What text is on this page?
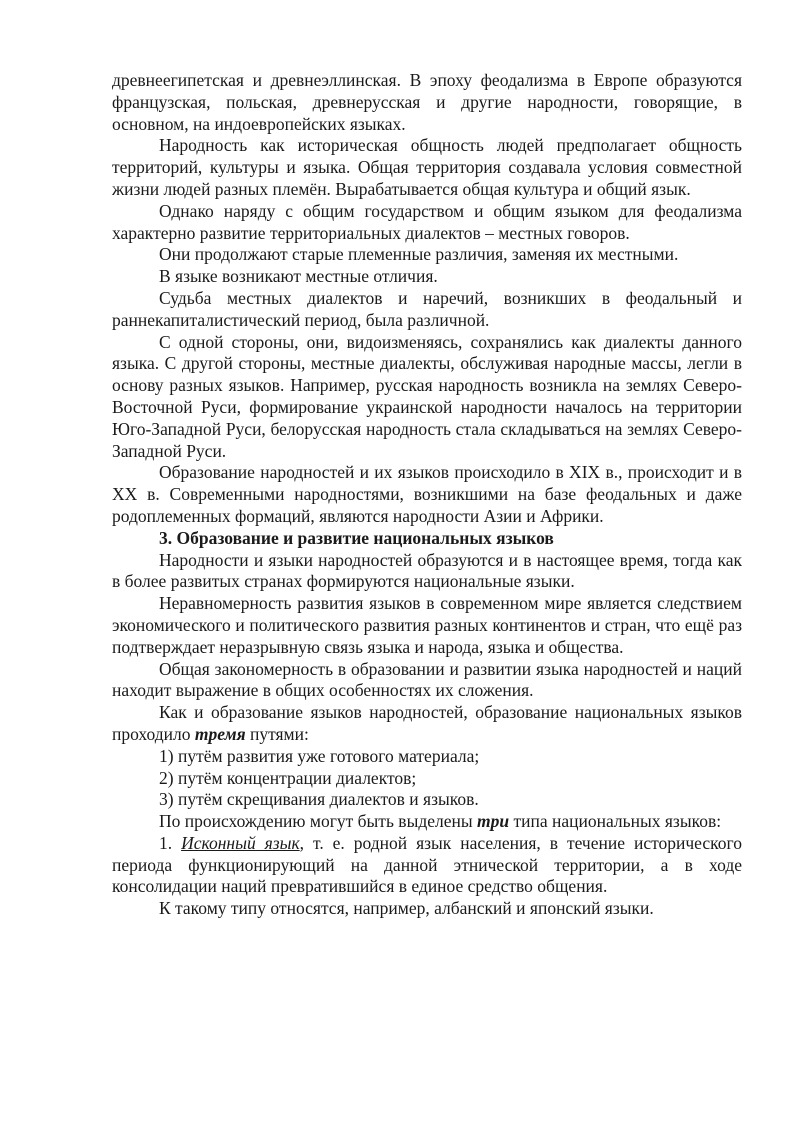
древнеегипетская и древнеэллинская. В эпоху феодализма в Европе образуются французская, польская, древнерусская и другие народности, говорящие, в основном, на индоевропейских языках.

Народность как историческая общность людей предполагает общность территорий, культуры и языка. Общая территория создавала условия совместной жизни людей разных племён. Вырабатывается общая культура и общий язык.

Однако наряду с общим государством и общим языком для феодализма характерно развитие территориальных диалектов – местных говоров.

Они продолжают старые племенные различия, заменяя их местными.

В языке возникают местные отличия.

Судьба местных диалектов и наречий, возникших в феодальный и раннекапиталистический период, была различной.

С одной стороны, они, видоизменяясь, сохранялись как диалекты данного языка. С другой стороны, местные диалекты, обслуживая народные массы, легли в основу разных языков. Например, русская народность возникла на землях Северо-Восточной Руси, формирование украинской народности началось на территории Юго-Западной Руси, белорусская народность стала складываться на землях Северо-Западной Руси.

Образование народностей и их языков происходило в XIX в., происходит и в XX в. Современными народностями, возникшими на базе феодальных и даже родоплеменных формаций, являются народности Азии и Африки.

3. Образование и развитие национальных языков

Народности и языки народностей образуются и в настоящее время, тогда как в более развитых странах формируются национальные языки.

Неравномерность развития языков в современном мире является следствием экономического и политического развития разных континентов и стран, что ещё раз подтверждает неразрывную связь языка и народа, языка и общества.

Общая закономерность в образовании и развитии языка народностей и наций находит выражение в общих особенностях их сложения.

Как и образование языков народностей, образование национальных языков проходило тремя путями:

1) путём развития уже готового материала;

2) путём концентрации диалектов;

3) путём скрещивания диалектов и языков.

По происхождению могут быть выделены три типа национальных языков:

1. Исконный язык, т. е. родной язык населения, в течение исторического периода функционирующий на данной этнической территории, а в ходе консолидации наций превратившийся в единое средство общения.

К такому типу относятся, например, албанский и японский языки.
